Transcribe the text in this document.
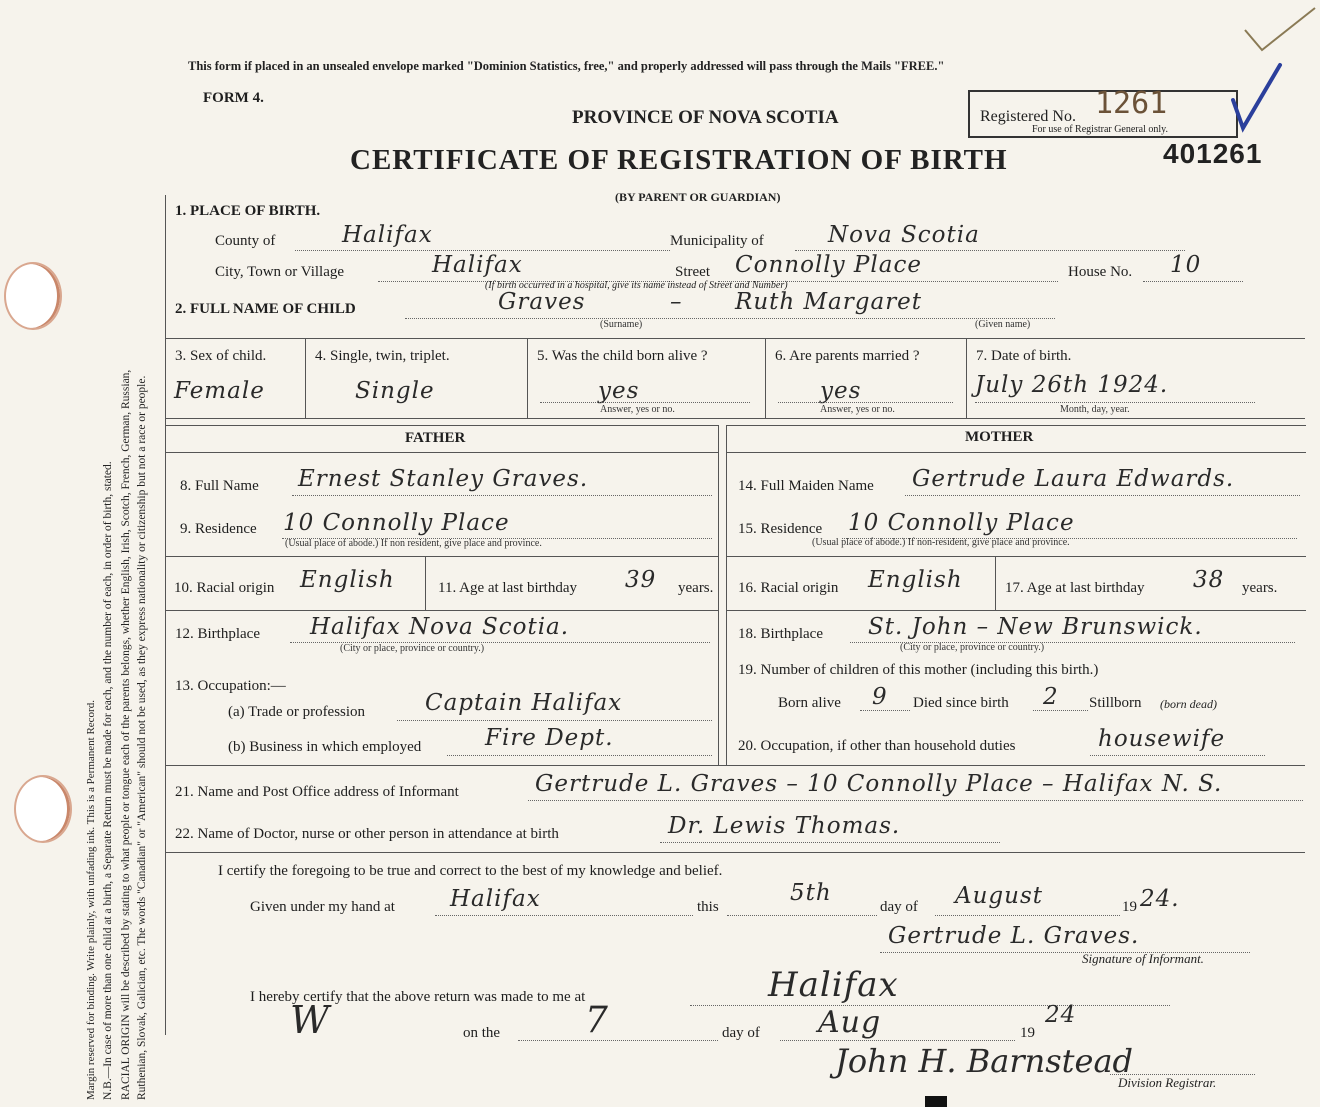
Margin reserved for binding. Write plainly, with unfading ink. This is a Permanent Record. N.B.—In case of more than one child at a birth, a Separate Return must be made for each, and the number of each, in order of birth, stated. RACIAL ORIGIN will be described by stating to what people or tongue each of the parents belongs, whether English, Irish, Scotch, French, German, Russian, Ruthenian, Slovak, Galician, etc. The words "Canadian" or "American" should not be used, as they express nationality or citizenship but not a race or people.
This form if placed in an unsealed envelope marked "Dominion Statistics, free," and properly addressed will pass through the Mails "FREE."
FORM 4.
PROVINCE OF NOVA SCOTIA
CERTIFICATE OF REGISTRATION OF BIRTH
(BY PARENT OR GUARDIAN)
Registered No. 1261
For use of Registrar General only.
401261
1. PLACE OF BIRTH.
County of	Halifax	Municipality of	Nova Scotia
City, Town or Village	Halifax	Street Connolly Place	House No. 10
(If birth occurred in a hospital, give its name instead of Street and Number)
2. FULL NAME OF CHILD	Graves	– Ruth Margaret
(Surname)	(Given name)
3. Sex of child.
Female
4. Single, twin, triplet.
Single
5. Was the child born alive ?
yes
Answer, yes or no.
6. Are parents married ?
yes
Answer, yes or no.
7. Date of birth.
July 26th 1924.
Month, day, year.
FATHER	MOTHER
8. Full Name Ernest Stanley Graves.
9. Residence 10 Connolly Place
(Usual place of abode.) If non resident, give place and province.
10. Racial origin English	11. Age at last birthday 39 years.
12. Birthplace Halifax Nova Scotia.
(City or place, province or country.)
13. Occupation:—
(a) Trade or profession	Captain Halifax
(b) Business in which employed	Fire Dept.
14. Full Maiden Name Gertrude Laura Edwards.
15. Residence 10 Connolly Place
(Usual place of abode.) If non-resident, give place and province.
16. Racial origin English	17. Age at last birthday 38 years.
18. Birthplace St. John – New Brunswick.
(City or place, province or country.)
19. Number of children of this mother (including this birth.)
Born alive 9 Died since birth 2 Stillborn (born dead)
20. Occupation, if other than household duties	housewife
21. Name and Post Office address of Informant	Gertrude L. Graves – 10 Connolly Place – Halifax N. S.
22. Name of Doctor, nurse or other person in attendance at birth	Dr. Lewis Thomas.
I certify the foregoing to be true and correct to the best of my knowledge and belief.
Given under my hand at Halifax	this
5th
day of August	19 24.
Gertrude L. Graves.
Signature of Informant.
I hereby certify that the above return was made to me at	Halifax
W	on the 7	day of Aug	19
24
John H. Barnstead
Division Registrar.
